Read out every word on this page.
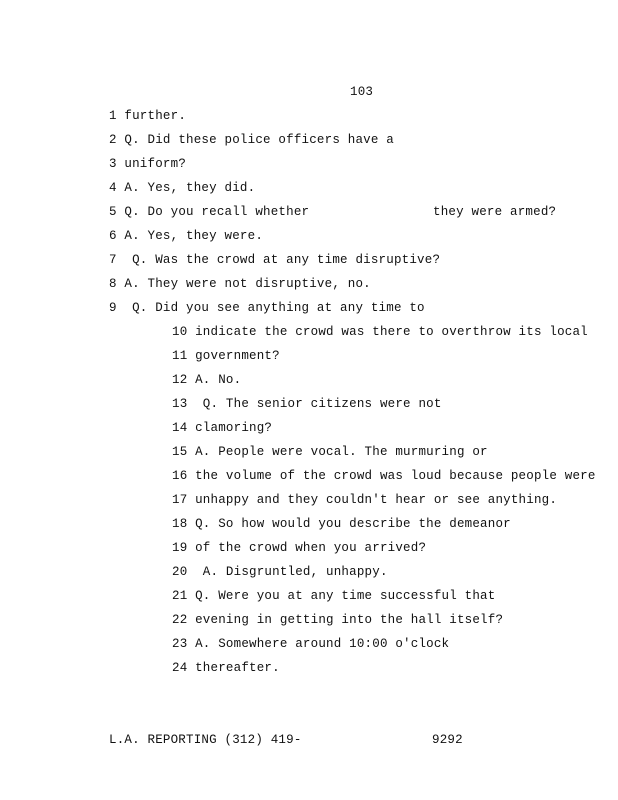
103
1 further.
2 Q. Did these police officers have a
3 uniform?
4 A. Yes, they did.
5 Q. Do you recall whether	they were armed?
6 A. Yes, they were.
7  Q. Was the crowd at any time disruptive?
8 A. They were not disruptive, no.
9  Q. Did you see anything at any time to
10 indicate the crowd was there to overthrow its local
11 government?
12 A. No.
13  Q. The senior citizens were not
14 clamoring?
15 A. People were vocal. The murmuring or
16 the volume of the crowd was loud because people were
17 unhappy and they couldn't hear or see anything.
18 Q. So how would you describe the demeanor
19 of the crowd when you arrived?
20  A. Disgruntled, unhappy.
21 Q. Were you at any time successful that
22 evening in getting into the hall itself?
23 A. Somewhere around 10:00 o'clock
24 thereafter.
L.A. REPORTING (312) 419-	9292
